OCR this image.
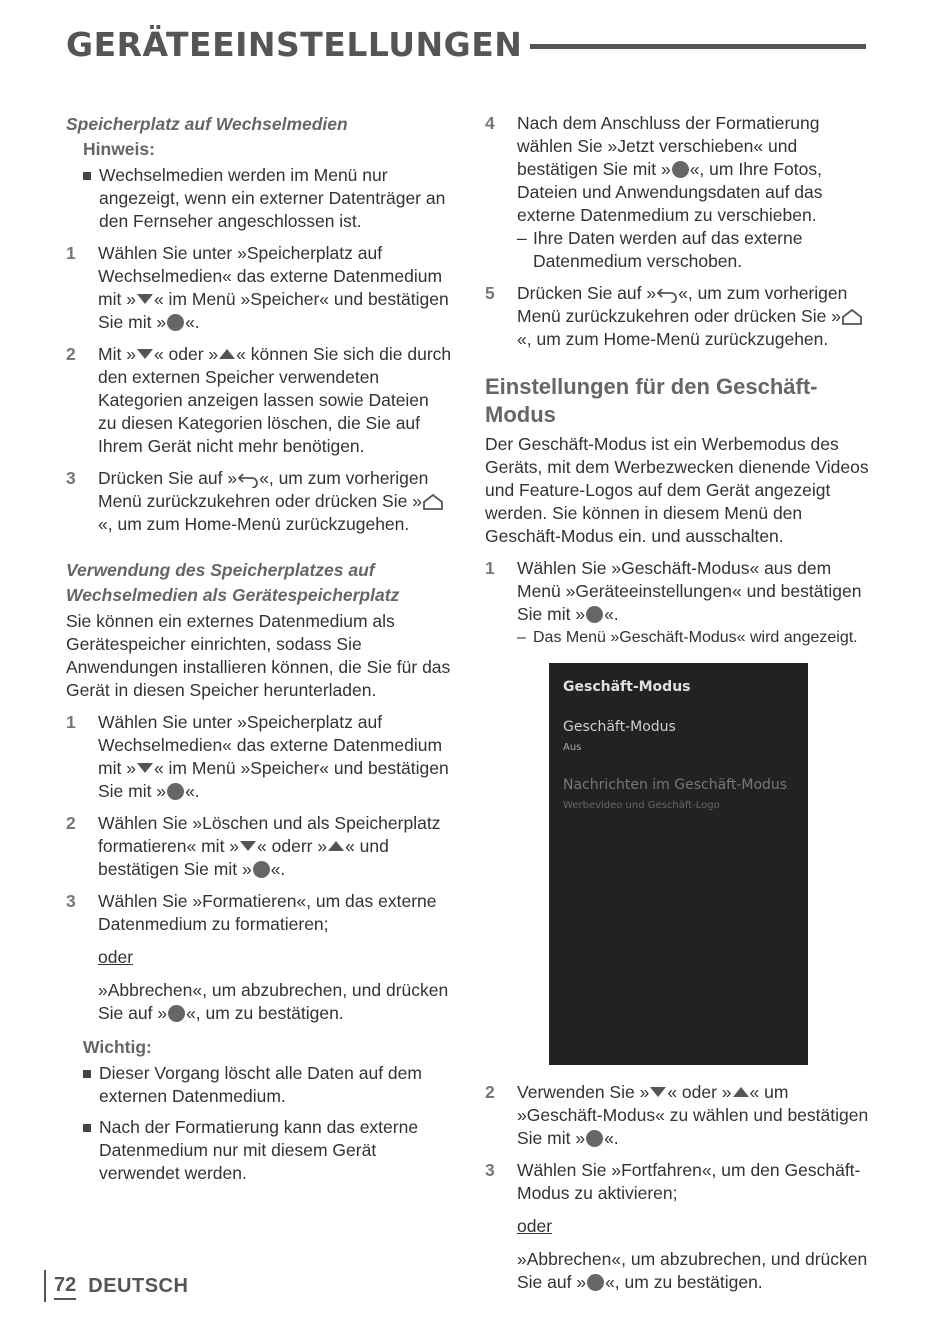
GERÄTEEINSTELLUNGEN
Speicherplatz auf Wechselmedien
Hinweis:
Wechselmedien werden im Menü nur angezeigt, wenn ein externer Datenträger an den Fernseher angeschlossen ist.
1	Wählen Sie unter »Speicherplatz auf Wechselmedien« das externe Datenmedium mit » « im Menü »Speicher« und bestätigen Sie mit » «.
2	Mit » « oder » « können Sie sich die durch den externen Speicher verwendeten Kategorien anzeigen lassen sowie Dateien zu diesen Kategorien löschen, die Sie auf Ihrem Gerät nicht mehr benötigen.
3	Drücken Sie auf » «, um zum vorherigen Menü zurückzukehren oder drücken Sie »«, um zum Home-Menü zurückzugehen.
Verwendung des Speicherplatzes auf Wechselmedien als Gerätespeicherplatz
Sie können ein externes Datenmedium als Gerätespeicher einrichten, sodass Sie Anwendungen installieren können, die Sie für das Gerät in diesen Speicher herunterladen.
1	Wählen Sie unter »Speicherplatz auf Wechselmedien« das externe Datenmedium mit » « im Menü »Speicher« und bestätigen Sie mit » «.
2	Wählen Sie »Löschen und als Speicherplatz formatieren« mit » « oderr » « und bestätigen Sie mit » «.
3	Wählen Sie »Formatieren«, um das externe Datenmedium zu formatieren;
oder
»Abbrechen«, um abzubrechen, und drücken Sie auf » «, um zu bestätigen.
Wichtig:
Dieser Vorgang löscht alle Daten auf dem externen Datenmedium.
Nach der Formatierung kann das externe Datenmedium nur mit diesem Gerät verwendet werden.
4	Nach dem Anschluss der Formatierung wählen Sie »Jetzt verschieben« und bestätigen Sie mit » «, um Ihre Fotos, Dateien und Anwendungsdaten auf das externe Datenmedium zu verschieben.
– Ihre Daten werden auf das externe Datenmedium verschoben.
5	Drücken Sie auf » «, um zum vorherigen Menü zurückzukehren oder drücken Sie »«, um zum Home-Menü zurückzugehen.
Einstellungen für den Geschäft-Modus
Der Geschäft-Modus ist ein Werbemodus des Geräts, mit dem Werbezwecken dienende Videos und Feature-Logos auf dem Gerät angezeigt werden. Sie können in diesem Menü den Geschäft-Modus ein. und ausschalten.
1	Wählen Sie »Geschäft-Modus« aus dem Menü »Geräteeinstellungen« und bestätigen Sie mit » «.
– Das Menü »Geschäft-Modus« wird angezeigt.
Geschäft-Modus
Geschäft-Modus
Aus
Nachrichten im Geschäft-Modus
Werbevideo und Geschäft-Logo
2	Verwenden Sie » « oder » « um »Geschäft-Modus« zu wählen und bestätigen Sie mit » «.
3	Wählen Sie »Fortfahren«, um den Geschäft-Modus zu aktivieren;
oder
»Abbrechen«, um abzubrechen, und drücken Sie auf » «, um zu bestätigen.
72 DEUTSCH
